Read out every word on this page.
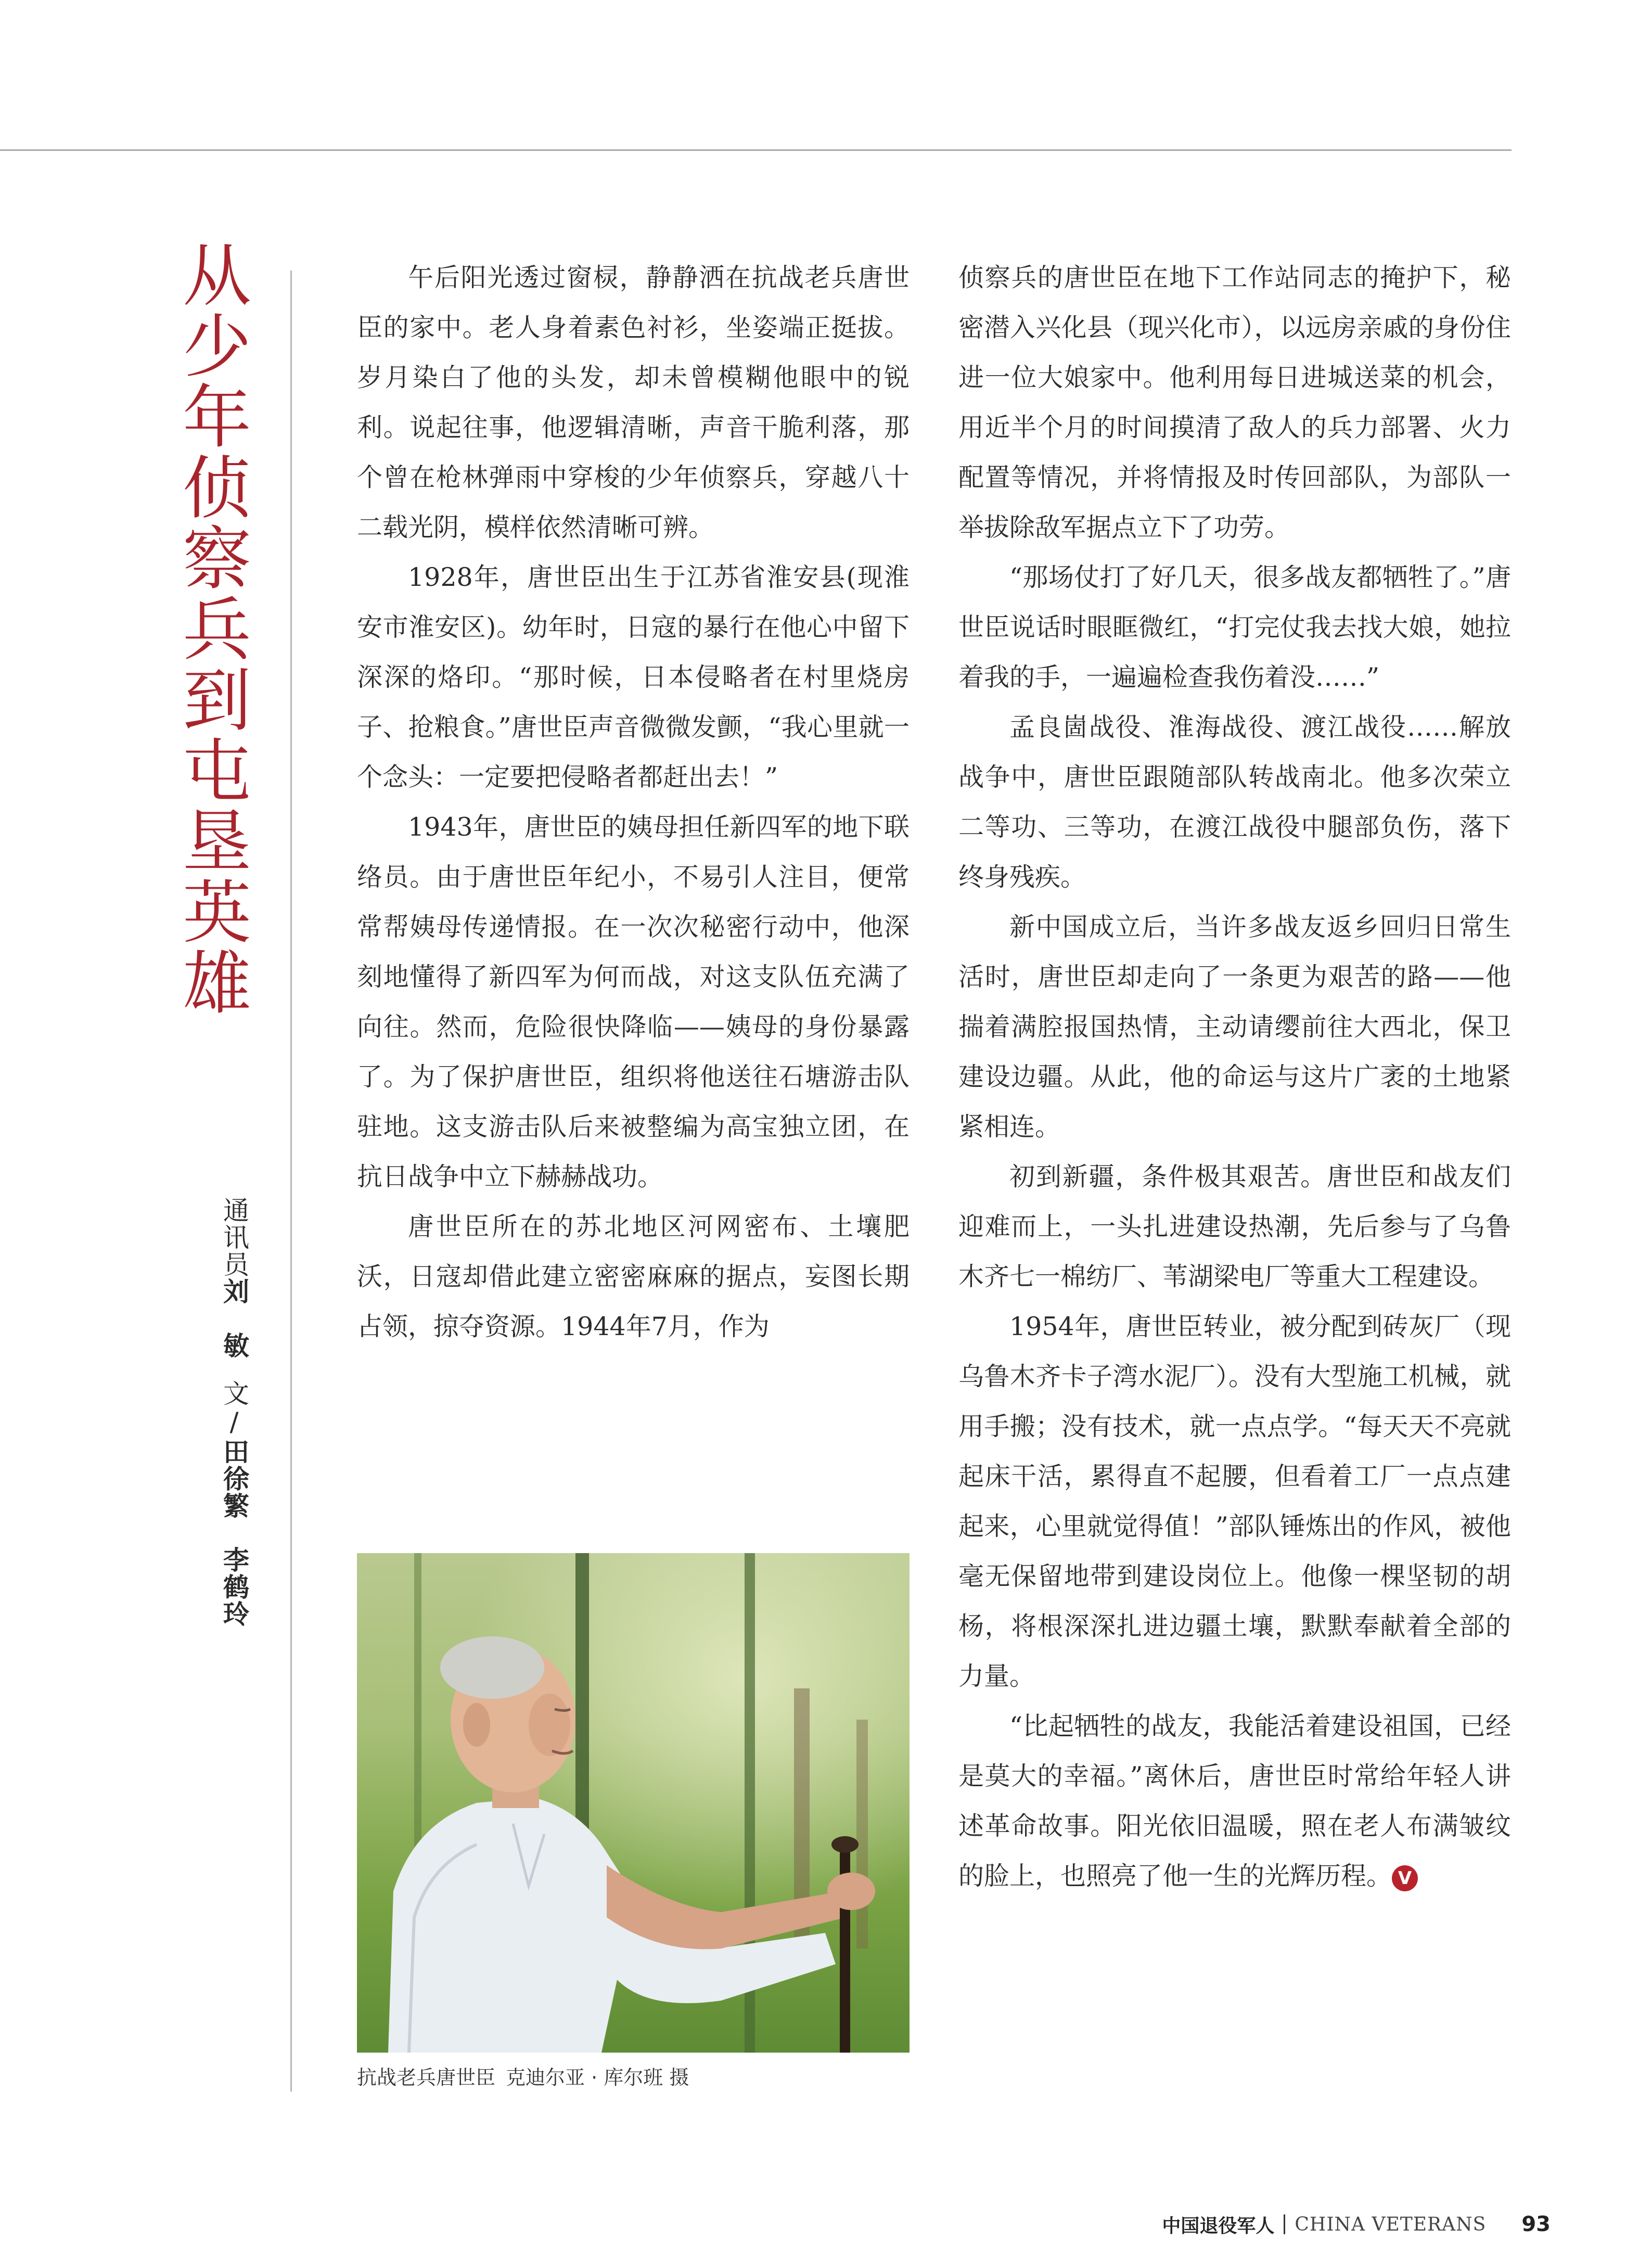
从少年侦察兵到屯垦英雄
通讯员刘　敏文/田徐繁　李鹤玲

午后阳光透过窗棂，静静洒在抗战老兵唐世臣的家中。老人身着素色衬衫，坐姿端正挺拔。岁月染白了他的头发，却未曾模糊他眼中的锐利。说起往事，他逻辑清晰，声音干脆利落，那个曾在枪林弹雨中穿梭的少年侦察兵，穿越八十二载光阴，模样依然清晰可辨。

1928年，唐世臣出生于江苏省淮安县(现淮安市淮安区)。幼年时，日寇的暴行在他心中留下深深的烙印。“那时候，日本侵略者在村里烧房子、抢粮食。”唐世臣声音微微发颤，“我心里就一个念头：一定要把侵略者都赶出去！”

1943年，唐世臣的姨母担任新四军的地下联络员。由于唐世臣年纪小，不易引人注目，便常常帮姨母传递情报。在一次次秘密行动中，他深刻地懂得了新四军为何而战，对这支队伍充满了向往。然而，危险很快降临——姨母的身份暴露了。为了保护唐世臣，组织将他送往石塘游击队驻地。这支游击队后来被整编为高宝独立团，在抗日战争中立下赫赫战功。

唐世臣所在的苏北地区河网密布、土壤肥沃，日寇却借此建立密密麻麻的据点，妄图长期占领，掠夺资源。1944年7月，作为

侦察兵的唐世臣在地下工作站同志的掩护下，秘密潜入兴化县（现兴化市），以远房亲戚的身份住进一位大娘家中。他利用每日进城送菜的机会，用近半个月的时间摸清了敌人的兵力部署、火力配置等情况，并将情报及时传回部队，为部队一举拔除敌军据点立下了功劳。

“那场仗打了好几天，很多战友都牺牲了。”唐世臣说话时眼眶微红，“打完仗我去找大娘，她拉着我的手，一遍遍检查我伤着没……”

孟良崮战役、淮海战役、渡江战役……解放战争中，唐世臣跟随部队转战南北。他多次荣立二等功、三等功，在渡江战役中腿部负伤，落下终身残疾。

新中国成立后，当许多战友返乡回归日常生活时，唐世臣却走向了一条更为艰苦的路——他揣着满腔报国热情，主动请缨前往大西北，保卫建设边疆。从此，他的命运与这片广袤的土地紧紧相连。

初到新疆，条件极其艰苦。唐世臣和战友们迎难而上，一头扎进建设热潮，先后参与了乌鲁木齐七一棉纺厂、苇湖梁电厂等重大工程建设。

1954年，唐世臣转业，被分配到砖灰厂（现乌鲁木齐卡子湾水泥厂）。没有大型施工机械，就用手搬；没有技术，就一点点学。“每天天不亮就起床干活，累得直不起腰，但看着工厂一点点建起来，心里就觉得值！”部队锤炼出的作风，被他毫无保留地带到建设岗位上。他像一棵坚韧的胡杨，将根深深扎进边疆土壤，默默奉献着全部的力量。

“比起牺牲的战友，我能活着建设祖国，已经是莫大的幸福。”离休后，唐世臣时常给年轻人讲述革命故事。阳光依旧温暖，照在老人布满皱纹的脸上，也照亮了他一生的光辉历程。 V

抗战老兵唐世臣 克迪尔亚 · 库尔班 摄
中国退役军人 CHINA VETERANS 93
